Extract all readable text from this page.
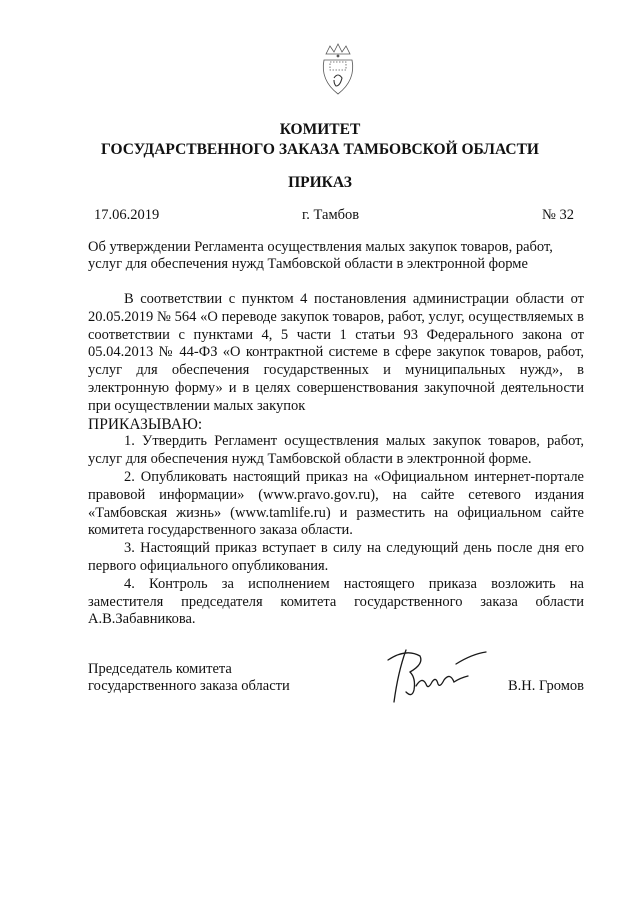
КОМИТЕТ
ГОСУДАРСТВЕННОГО ЗАКАЗА ТАМБОВСКОЙ ОБЛАСТИ
ПРИКАЗ
17.06.2019	г. Тамбов	№ 32
Об утверждении Регламента осуществления малых закупок товаров, работ,
услуг для обеспечения нужд Тамбовской области в электронной форме

В соответствии с пунктом 4 постановления администрации области от 20.05.2019 № 564 «О переводе закупок товаров, работ, услуг, осуществляемых в соответствии с пунктами 4, 5 части 1 статьи 93 Федерального закона от 05.04.2013 № 44-ФЗ «О контрактной системе в сфере закупок товаров, работ, услуг для обеспечения государственных и муниципальных нужд», в электронную форму» и в целях совершенствования закупочной деятельности при осуществлении малых закупок

ПРИКАЗЫВАЮ:

1. Утвердить Регламент осуществления малых закупок товаров, работ, услуг для обеспечения нужд Тамбовской области в электронной форме.

2. Опубликовать настоящий приказ на «Официальном интернет-портале правовой информации» (www.pravo.gov.ru), на сайте сетевого издания «Тамбовская жизнь» (www.tamlife.ru) и разместить на официальном сайте комитета государственного заказа области.

3. Настоящий приказ вступает в силу на следующий день после дня его первого официального опубликования.

4. Контроль за исполнением настоящего приказа возложить на заместителя председателя комитета государственного заказа области А.В.Забавникова.

Председатель комитета
государственного заказа области	В.Н. Громов
